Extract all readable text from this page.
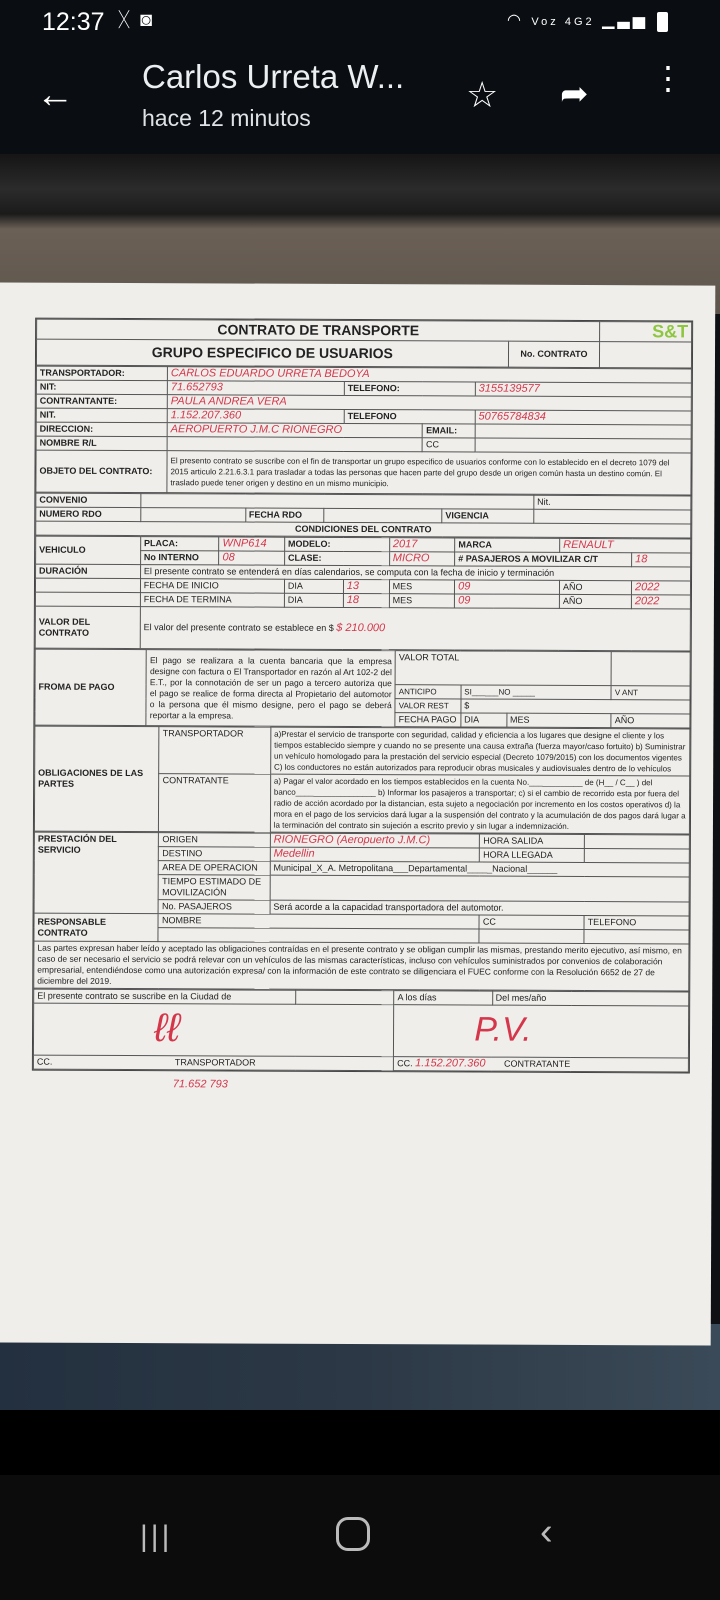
12:37 ᚷ◙	◠ Voz 4G2 ▁▃▅
← Carlos Urreta W...
hace 12 minutos
☆ ➦ ⋮
CONTRATO DE TRANSPORTE		S&T
GRUPO ESPECIFICO DE USUARIOS	No. CONTRATO	
TRANSPORTADOR:	CARLOS EDUARDO URRETA BEDOYA			
NIT:	71.652793	TELEFONO:		3155139577
CONTRANTANTE:	PAULA ANDREA VERA			
NIT.	1.152.207.360	TELEFONO		50765784834
DIRECCION:	AEROPUERTO J.M.C RIONEGRO		EMAIL:	
NOMBRE R/L			CC	
OBJETO DEL CONTRATO:	El presento contrato se suscribe con el fin de transportar un grupo especifico de usuarios conforme con lo establecido en el decreto 1079 del 2015 articulo 2.21.6.3.1 para trasladar a todas las personas que hacen parte del grupo desde un origen común hasta un destino común. El traslado puede tener origen y destino en un mismo municipio.			
CONVENIO					Nit.
NUMERO RDO		FECHA RDO		VIGENCIA	
CONDICIONES DEL CONTRATO					
VEHICULO	PLACA:	WNP614	MODELO:		2017	MARCA	RENAULT	
	No INTERNO	08	CLASE:		MICRO	# PASAJEROS A MOVILIZAR C/T		18
DURACIÓN	El presente contrato se entenderá en días calendarios, se computa con la fecha de inicio y terminación							
	FECHA DE INICIO		DIA	13	MES	09	AÑO	2022
	FECHA DE TERMINA		DIA	18	MES	09	AÑO	2022
VALOR DEL CONTRATO	El valor del presente contrato se establece en $ $ 210.000							
FROMA DE PAGO	El pago se realizara a la cuenta bancaria que la empresa designe con factura o El Transportador en razón al Art 102-2 del E.T., por la connotación de ser un pago a tercero autoriza que el pago se realice de forma directa al Propietario del automotor o la persona que él mismo designe, pero el pago se deberá reportar a la empresa.	VALOR TOTAL			
		ANTICIPO	SI______NO _____		V ANT
		VALOR REST	$		
		FECHA PAGO	DIA	MES	AÑO
OBLIGACIONES DE LAS PARTES	TRANSPORTADOR	a)Prestar el servicio de transporte con seguridad, calidad y eficiencia a los lugares que designe el cliente y los tiempos establecido siempre y cuando no se presente una causa extraña (fuerza mayor/caso fortuito) b) Suministrar un vehículo homologado para la prestación del servicio especial (Decreto 1079/2015) con los documentos vigentes C) los conductores no están autorizados para reproducir obras musicales y audiovisuales dentro de lo vehículos
	CONTRATANTE	a) Pagar el valor acordado en los tiempos establecidos en la cuenta No.____________ de (H__ / C__ ) del banco__________________ b) Informar los pasajeros a transportar; c) si el cambio de recorrido esta por fuera del radio de acción acordado por la distancian, esta sujeto a negociación por incremento en los costos operativos d) la mora en el pago de los servicios dará lugar a la suspensión del contrato y la acumulación de dos pagos dará lugar a la terminación del contrato sin sujeción a escrito previo y sin lugar a indemnización.
PRESTACIÓN DEL SERVICIO	ORIGEN	RIONEGRO (Aeropuerto J.M.C)	HORA SALIDA	
	DESTINO	Medellin	HORA LLEGADA	
	AREA DE OPERACION	Municipal_X_A. Metropolitana___Departamental_____Nacional______		
	TIEMPO ESTIMADO DE MOVILIZACIÓN			
	No. PASAJEROS	Será acorde a la capacidad transportadora del automotor.		
RESPONSABLE CONTRATO	NOMBRE		CC	TELEFONO

Las partes expresan haber leído y aceptado las obligaciones contraídas en el presente contrato y se obligan cumplir las mismas, prestando merito ejecutivo, así mismo, en caso de ser necesario el servicio se podrá relevar con un vehículos de las mismas características, incluso con vehículos suministrados por convenios de colaboración empresarial, entendiéndose como una autorización expresa/ con la información de este contrato se diligenciara el FUEC conforme con la Resolución 6652 de 27 de diciembre del 2019.				
El presente contrato se suscribe en la Ciudad de		A los días	Del mes/año

ℓℓ		P.V.	

CC. TRANSPORTADOR		CC. 1.152.207.360 CONTRATANTE	
71.652 793
|||	‹
